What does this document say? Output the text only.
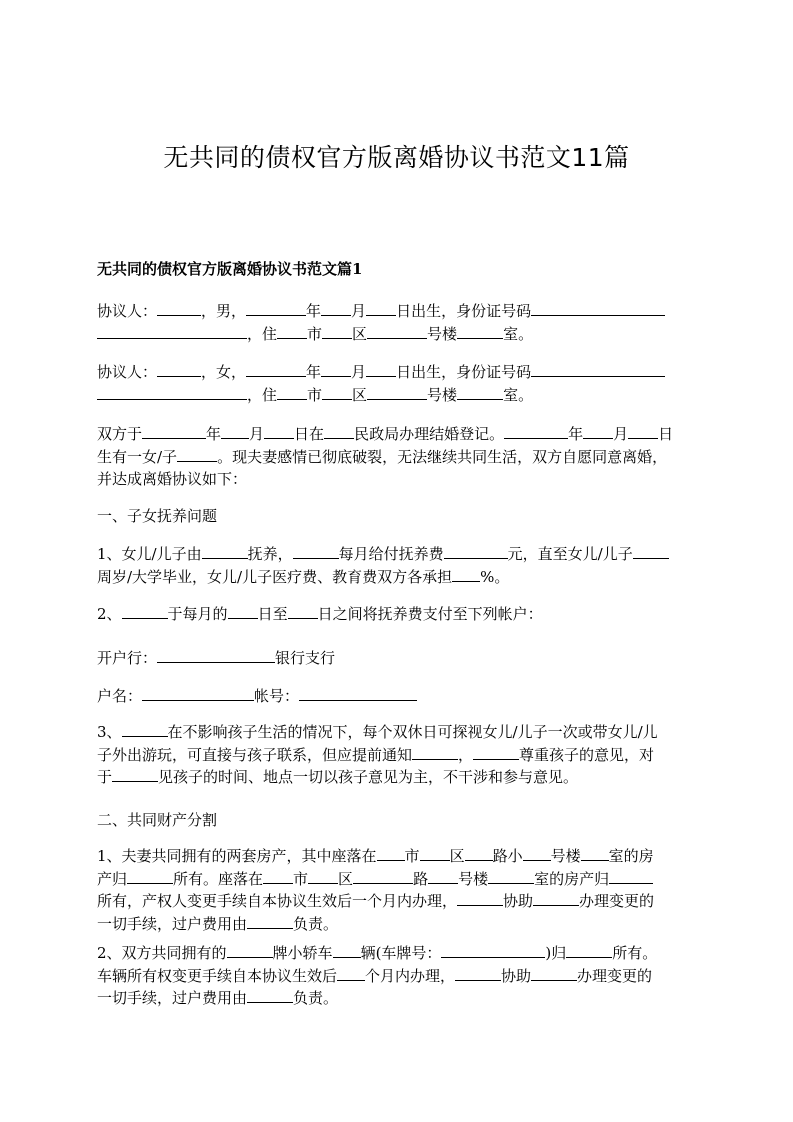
无共同的债权官方版离婚协议书范文11篇
无共同的债权官方版离婚协议书范文篇1
协议人：	，男，	年 月 日出生，身份证号码
，住 市 区	号楼	室。
协议人：	，女，	年 月 日出生，身份证号码
，住 市 区	号楼	室。
双方于	年 月 日在 民政局办理结婚登记。	年 月 日
生有一女/子	。现夫妻感情已彻底破裂，无法继续共同生活，双方自愿同意离婚，
并达成离婚协议如下：
一、子女抚养问题
1、女儿/儿子由	抚养，	每月给付抚养费	元，直至女儿/儿子
周岁/大学毕业，女儿/儿子医疗费、教育费双方各承担 %。
2、	于每月的 日至 日之间将抚养费支付至下列帐户：
开户行：	银行支行
户名：	帐号：
3、	在不影响孩子生活的情况下，每个双休日可探视女儿/儿子一次或带女儿/儿
子外出游玩，可直接与孩子联系，但应提前通知	，	尊重孩子的意见，对
于	见孩子的时间、地点一切以孩子意见为主，不干涉和参与意见。
二、共同财产分割
1、夫妻共同拥有的两套房产，其中座落在 市 区 路小 号楼 室的房
产归	所有。座落在 市 区	路 号楼	室的房产归
所有，产权人变更手续自本协议生效后一个月内办理，	协助	办理变更的
一切手续，过户费用由	负责。
2、双方共同拥有的	牌小轿车 辆(车牌号：	)归	所有。
车辆所有权变更手续自本协议生效后 个月内办理，	协助	办理变更的
一切手续，过户费用由	负责。
